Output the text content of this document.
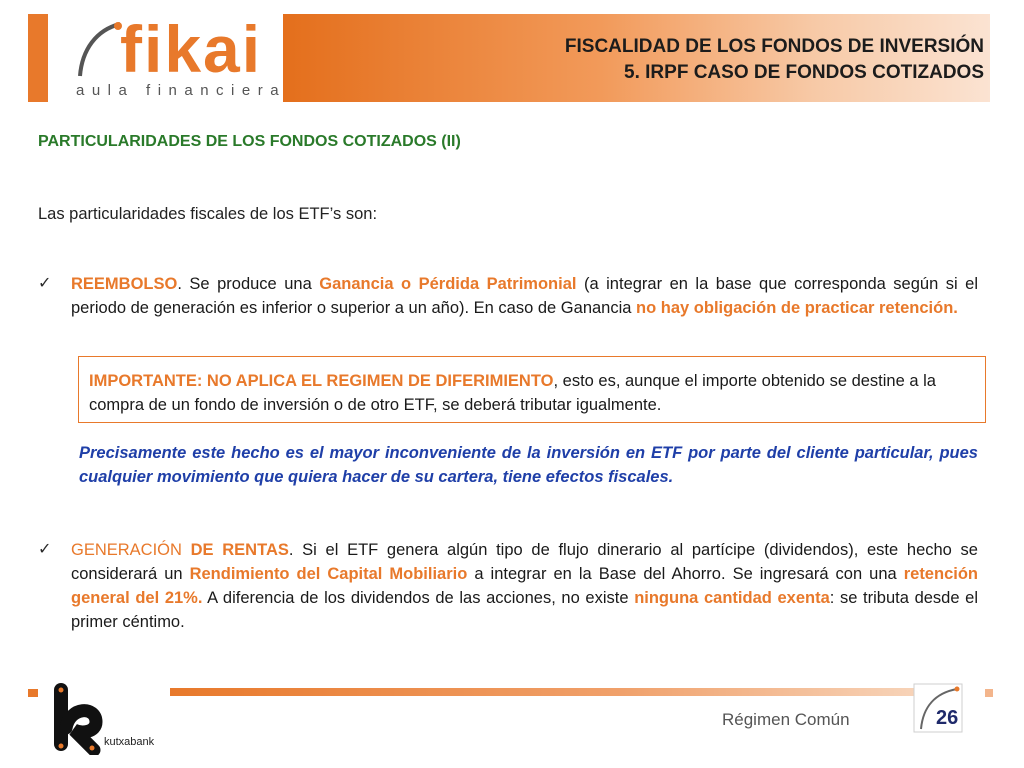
FISCALIDAD DE LOS FONDOS DE INVERSIÓN
5. IRPF CASO DE FONDOS COTIZADOS
fikai
aula financiera
PARTICULARIDADES DE LOS FONDOS COTIZADOS (II)
Las particularidades fiscales de los ETF’s son:
✓ REEMBOLSO. Se produce una Ganancia o Pérdida Patrimonial (a integrar en la base que corresponda según si el periodo de generación es inferior o superior a un año). En caso de Ganancia no hay obligación de practicar retención.
IMPORTANTE: NO APLICA EL REGIMEN DE DIFERIMIENTO, esto es, aunque el importe obtenido se destine a la compra de un fondo de inversión o de otro ETF, se deberá tributar igualmente.
Precisamente este hecho es el mayor inconveniente de la inversión en ETF por parte del cliente particular, pues cualquier movimiento que quiera hacer de su cartera, tiene efectos fiscales.
✓ GENERACIÓN DE RENTAS. Si el ETF genera algún tipo de flujo dinerario al partícipe (dividendos), este hecho se considerará un Rendimiento del Capital Mobiliario a integrar en la Base del Ahorro. Se ingresará con una retención general del 21%. A diferencia de los dividendos de las acciones, no existe ninguna cantidad exenta: se tributa desde el primer céntimo.
kutxabank
Régimen Común	26
